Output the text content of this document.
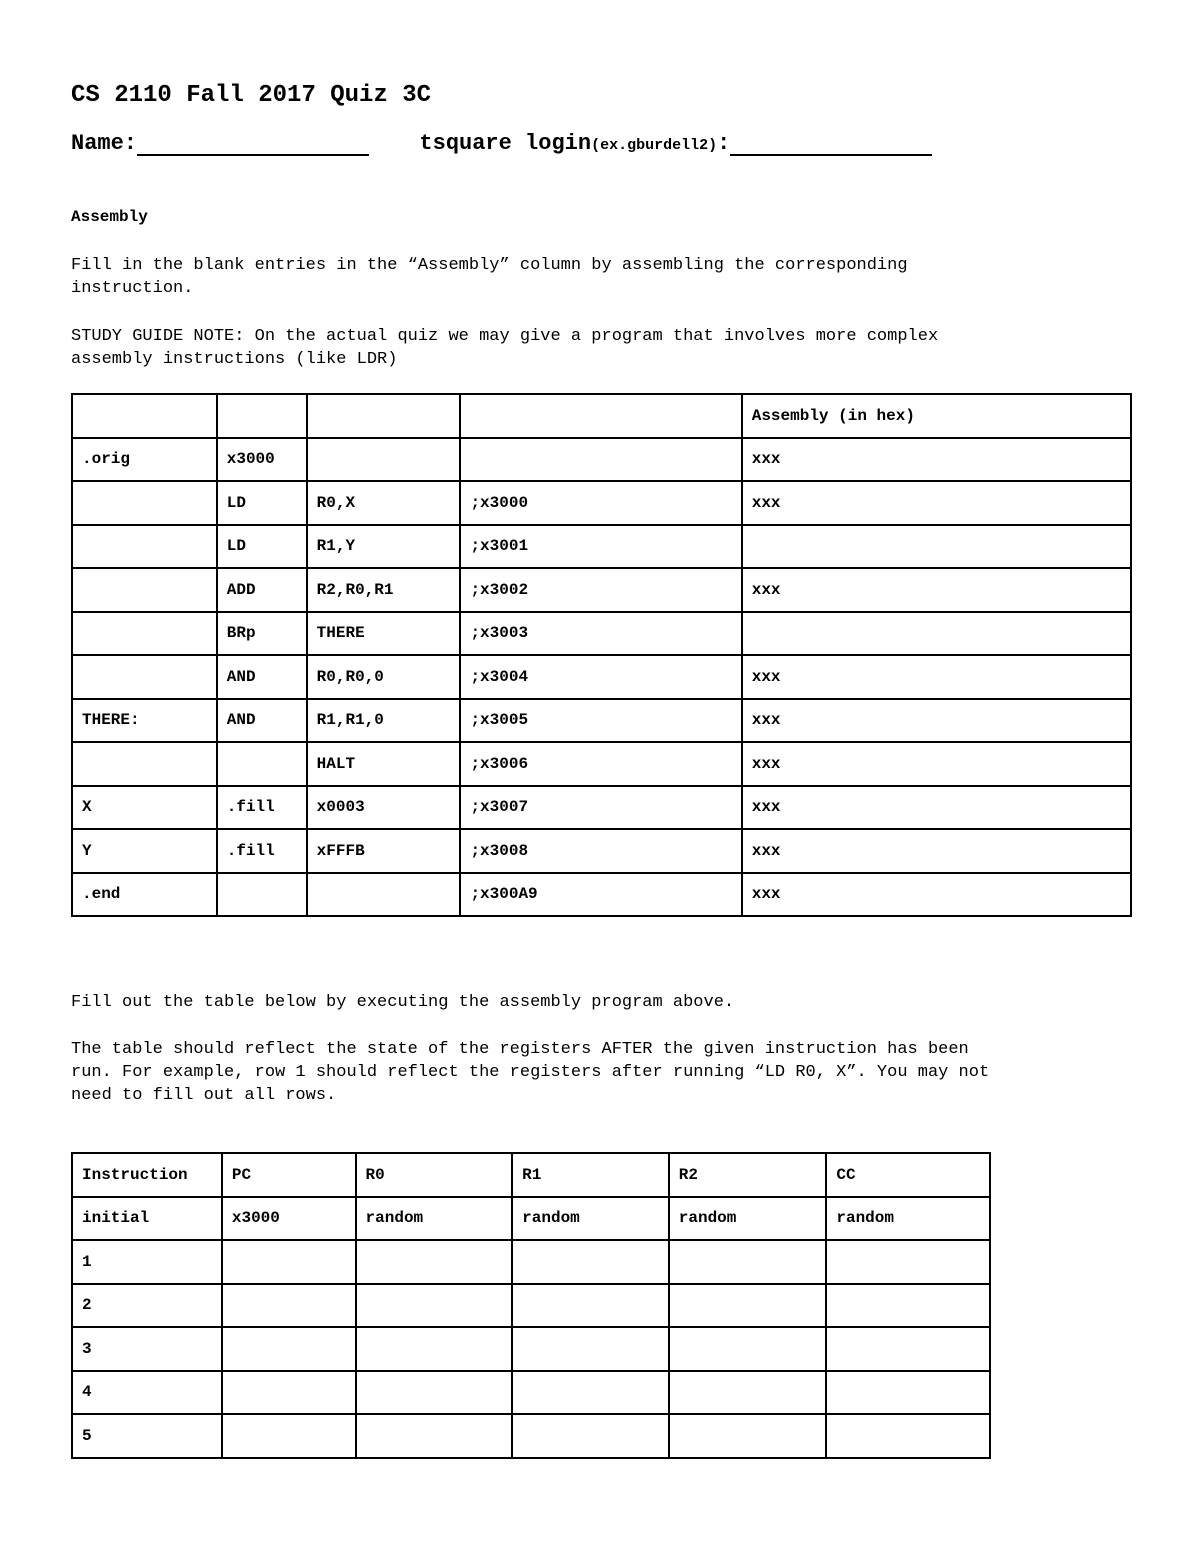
CS 2110 Fall 2017 Quiz 3C
Name:	tsquare login(ex.gburdell2):
Assembly
Fill in the blank entries in the “Assembly” column by assembling the corresponding
instruction.
STUDY GUIDE NOTE: On the actual quiz we may give a program that involves more complex
assembly instructions (like LDR)
				Assembly (in hex)
.orig	x3000			xxx
	LD	R0,X	;x3000	xxx
	LD	R1,Y	;x3001	
	ADD	R2,R0,R1	;x3002	xxx
	BRp	THERE	;x3003	
	AND	R0,R0,0	;x3004	xxx
THERE:	AND	R1,R1,0	;x3005	xxx
		HALT	;x3006	xxx
X	.fill	x0003	;x3007	xxx
Y	.fill	xFFFB	;x3008	xxx
.end			;x300A9	xxx
Fill out the table below by executing the assembly program above.
The table should reflect the state of the registers AFTER the given instruction has been
run. For example, row 1 should reflect the registers after running “LD R0, X”. You may not
need to fill out all rows.
Instruction	PC	R0	R1	R2	CC
initial	x3000	random	random	random	random
1					
2					
3					
4					
5					
